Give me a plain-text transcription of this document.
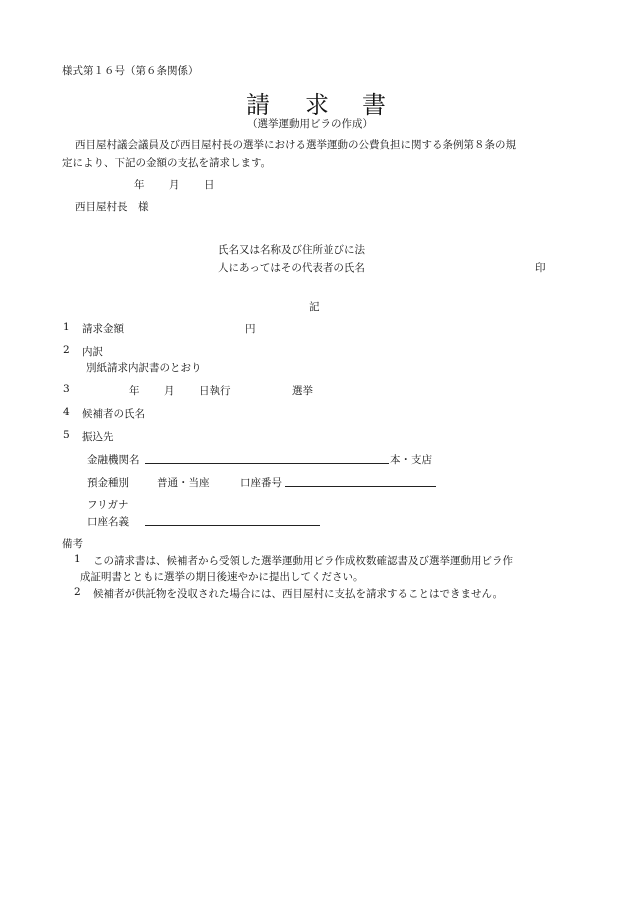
様式第１６号（第６条関係）
請 求 書
（選挙運動用ビラの作成）
西目屋村議会議員及び西目屋村長の選挙における選挙運動の公費負担に関する条例第８条の規
定により、下記の金額の支払を請求します。
年 月 日
西目屋村長　様
氏名又は名称及び住所並びに法
人にあってはその代表者の氏名	印
記
1 請求金額	円
2 内訳
別紙請求内訳書のとおり
3	年 月 日執行	選挙
4 候補者の氏名
5 振込先
金融機関名	本・支店
預金種別	普通・当座	口座番号
フリガナ
口座名義
備考
1 この請求書は、候補者から受領した選挙運動用ビラ作成枚数確認書及び選挙運動用ビラ作
成証明書とともに選挙の期日後速やかに提出してください。
2 候補者が供託物を没収された場合には、西目屋村に支払を請求することはできません。
